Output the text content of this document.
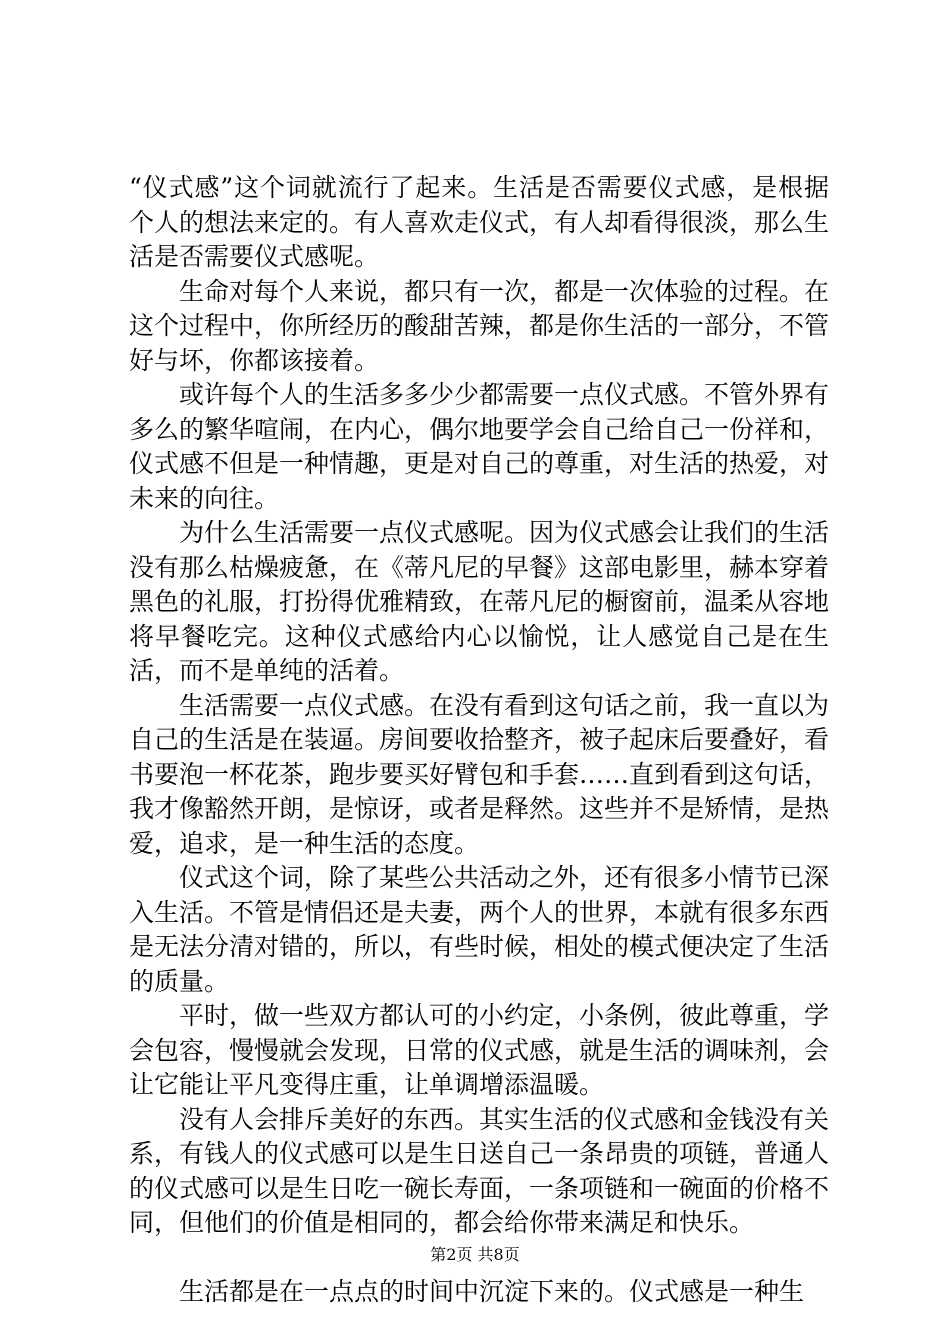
“仪式感”这个词就流行了起来。生活是否需要仪式感，是根据个人的想法来定的。有人喜欢走仪式，有人却看得很淡，那么生活是否需要仪式感呢。

生命对每个人来说，都只有一次，都是一次体验的过程。在这个过程中，你所经历的酸甜苦辣，都是你生活的一部分，不管好与坏，你都该接着。

或许每个人的生活多多少少都需要一点仪式感。不管外界有多么的繁华喧闹，在内心，偶尔地要学会自己给自己一份祥和，仪式感不但是一种情趣，更是对自己的尊重，对生活的热爱，对未来的向往。

为什么生活需要一点仪式感呢。因为仪式感会让我们的生活没有那么枯燥疲惫，在《蒂凡尼的早餐》这部电影里，赫本穿着黑色的礼服，打扮得优雅精致，在蒂凡尼的橱窗前，温柔从容地将早餐吃完。这种仪式感给内心以愉悦，让人感觉自己是在生活，而不是单纯的活着。

生活需要一点仪式感。在没有看到这句话之前，我一直以为自己的生活是在装逼。房间要收拾整齐，被子起床后要叠好，看书要泡一杯花茶，跑步要买好臂包和手套……直到看到这句话，我才像豁然开朗，是惊讶，或者是释然。这些并不是矫情，是热爱，追求，是一种生活的态度。

仪式这个词，除了某些公共活动之外，还有很多小情节已深入生活。不管是情侣还是夫妻，两个人的世界，本就有很多东西是无法分清对错的，所以，有些时候，相处的模式便决定了生活的质量。

平时，做一些双方都认可的小约定，小条例，彼此尊重，学会包容，慢慢就会发现，日常的仪式感，就是生活的调味剂，会让它能让平凡变得庄重，让单调增添温暖。

没有人会排斥美好的东西。其实生活的仪式感和金钱没有关系，有钱人的仪式感可以是生日送自己一条昂贵的项链，普通人的仪式感可以是生日吃一碗长寿面，一条项链和一碗面的价格不同，但他们的价值是相同的，都会给你带来满足和快乐。

生活都是在一点点的时间中沉淀下来的。仪式感是一种生

第2页 共8页
